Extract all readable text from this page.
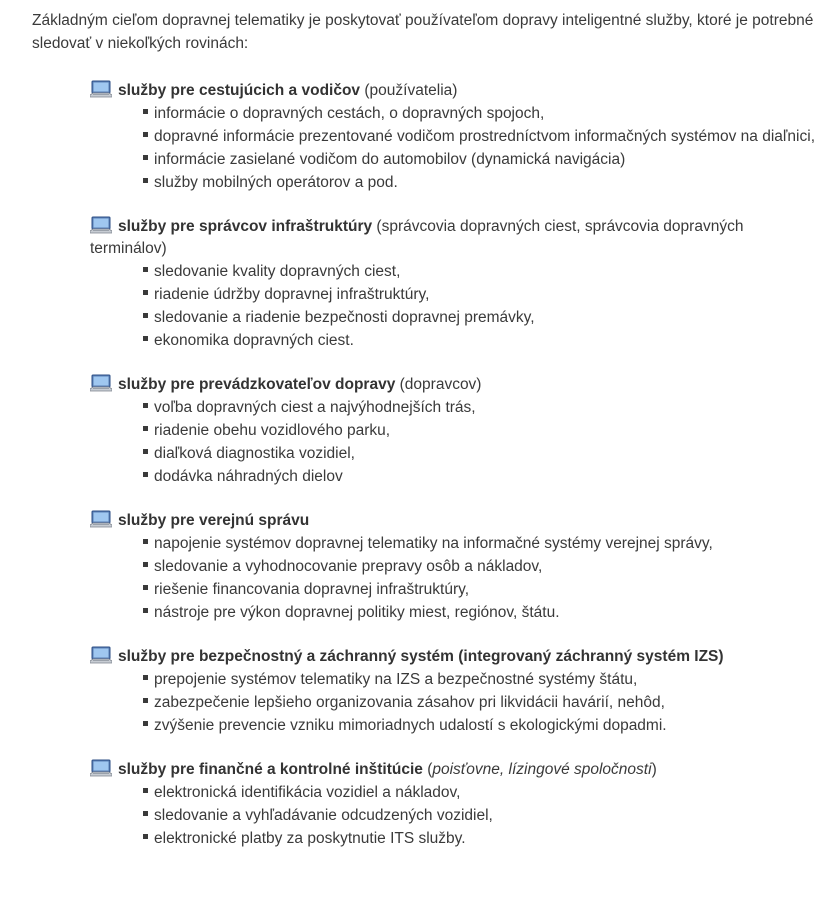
Základným cieľom dopravnej telematiky je poskytovať používateľom dopravy inteligentné služby, ktoré je potrebné sledovať v niekoľkých rovinách:

služby pre cestujúcich a vodičov (používatelia)

informácie o dopravných cestách, o dopravných spojoch,
dopravné informácie prezentované vodičom prostredníctvom informačných systémov na diaľnici,
informácie zasielané vodičom do automobilov (dynamická navigácia)
služby mobilných operátorov a pod.

služby pre správcov infraštruktúry (správcovia dopravných ciest, správcovia dopravných terminálov)

sledovanie kvality dopravných ciest,
riadenie údržby dopravnej infraštruktúry,
sledovanie a riadenie bezpečnosti dopravnej premávky,
ekonomika dopravných ciest.

služby pre prevádzkovateľov dopravy (dopravcov)

voľba dopravných ciest a najvýhodnejších trás,
riadenie obehu vozidlového parku,
diaľková diagnostika vozidiel,
dodávka náhradných dielov

služby pre verejnú správu

napojenie systémov dopravnej telematiky na informačné systémy verejnej správy,
sledovanie a vyhodnocovanie prepravy osôb a nákladov,
riešenie financovania dopravnej infraštruktúry,
nástroje pre výkon dopravnej politiky miest, regiónov, štátu.

služby pre bezpečnostný a záchranný systém (integrovaný záchranný systém IZS)

prepojenie systémov telematiky na IZS a bezpečnostné systémy štátu,
zabezpečenie lepšieho organizovania zásahov pri likvidácii havárií, nehôd,
zvýšenie prevencie vzniku mimoriadnych udalostí s ekologickými dopadmi.

služby pre finančné a kontrolné inštitúcie (poisťovne, lízingové spoločnosti)

elektronická identifikácia vozidiel a nákladov,
sledovanie a vyhľadávanie odcudzených vozidiel,
elektronické platby za poskytnutie ITS služby.
